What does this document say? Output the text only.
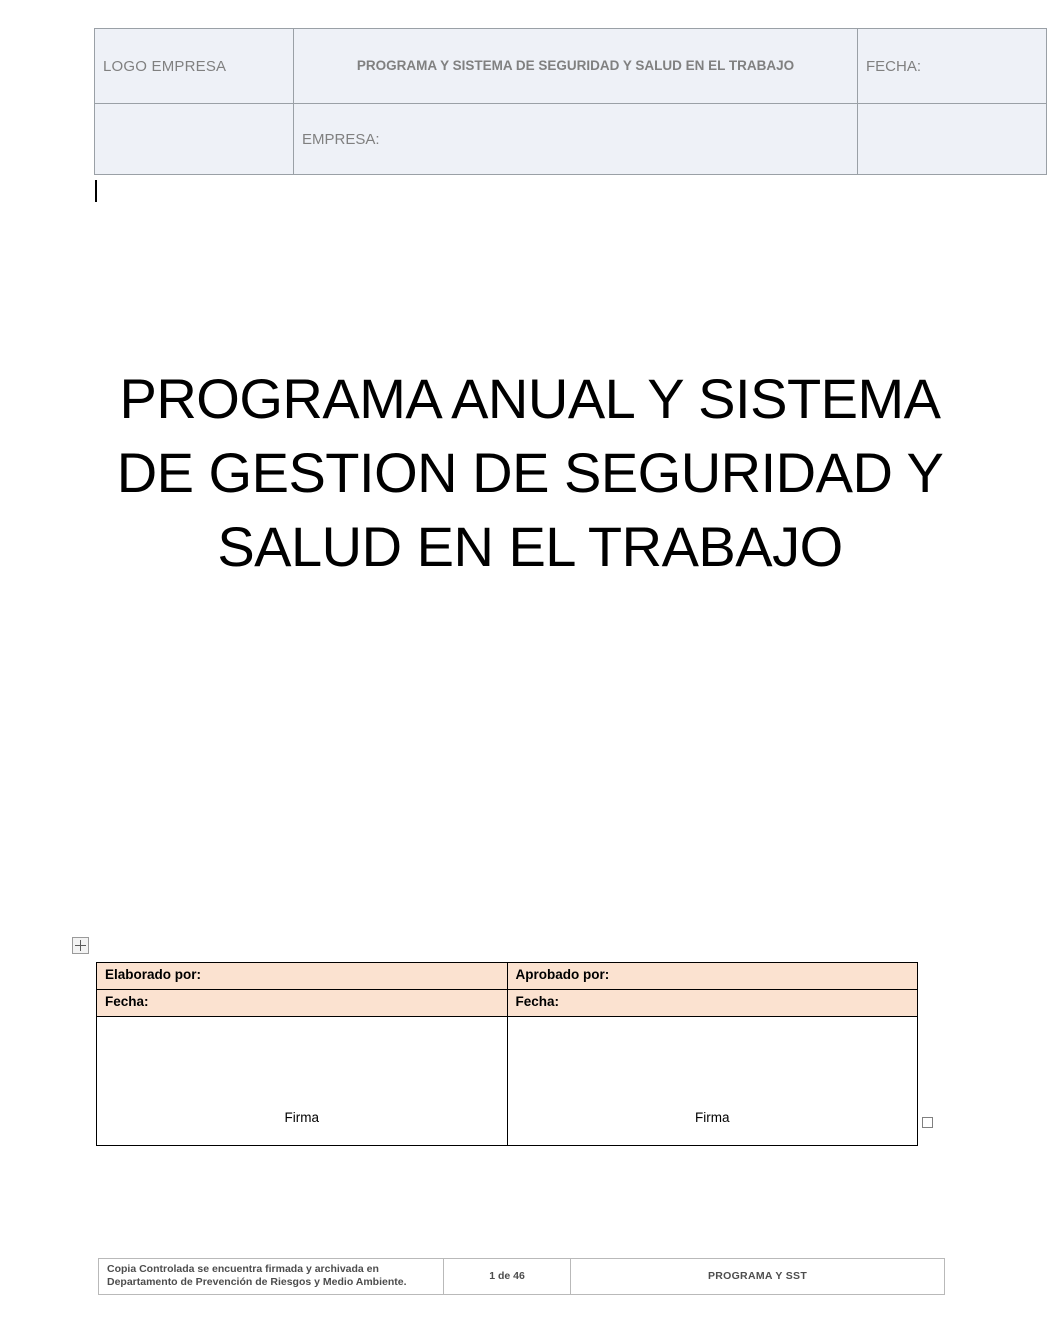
LOGO EMPRESA	PROGRAMA Y SISTEMA DE SEGURIDAD Y SALUD EN EL TRABAJO	FECHA:
	EMPRESA:	
PROGRAMA ANUAL Y SISTEMA DE GESTION DE SEGURIDAD Y SALUD EN EL TRABAJO
Elaborado por:	Aprobado por:
Fecha:	Fecha:

Firma	Firma
Copia Controlada se encuentra firmada y archivada en Departamento de Prevención de Riesgos y Medio Ambiente.	1 de 46	PROGRAMA Y SST
